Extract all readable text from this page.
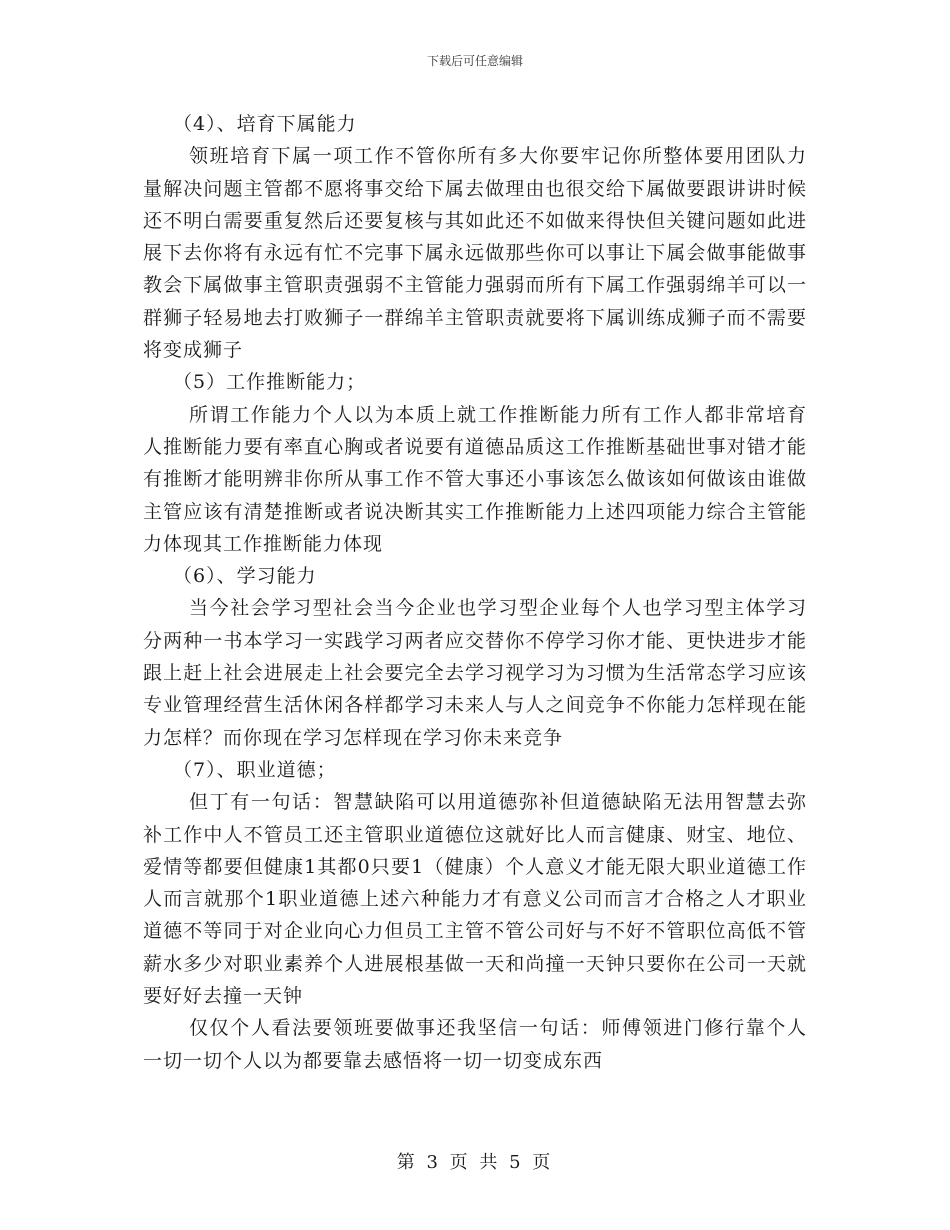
下载后可任意编辑

（4）、培育下属能力

领班培育下属一项工作不管你所有多大你要牢记你所整体要用团队力量解决问题主管都不愿将事交给下属去做理由也很交给下属做要跟讲讲时候还不明白需要重复然后还要复核与其如此还不如做来得快但关键问题如此进展下去你将有永远有忙不完事下属永远做那些你可以事让下属会做事能做事教会下属做事主管职责强弱不主管能力强弱而所有下属工作强弱绵羊可以一群狮子轻易地去打败狮子一群绵羊主管职责就要将下属训练成狮子而不需要将变成狮子

（5）工作推断能力；

所谓工作能力个人以为本质上就工作推断能力所有工作人都非常培育人推断能力要有率直心胸或者说要有道德品质这工作推断基础世事对错才能有推断才能明辨非你所从事工作不管大事还小事该怎么做该如何做该由谁做主管应该有清楚推断或者说决断其实工作推断能力上述四项能力综合主管能力体现其工作推断能力体现

（6）、学习能力

当今社会学习型社会当今企业也学习型企业每个人也学习型主体学习分两种一书本学习一实践学习两者应交替你不停学习你才能、更快进步才能跟上赶上社会进展走上社会要完全去学习视学习为习惯为生活常态学习应该专业管理经营生活休闲各样都学习未来人与人之间竞争不你能力怎样现在能力怎样？而你现在学习怎样现在学习你未来竞争

（7）、职业道德；

但丁有一句话：智慧缺陷可以用道德弥补但道德缺陷无法用智慧去弥补工作中人不管员工还主管职业道德位这就好比人而言健康、财宝、地位、爱情等都要但健康1其都0只要1（健康）个人意义才能无限大职业道德工作人而言就那个1职业道德上述六种能力才有意义公司而言才合格之人才职业道德不等同于对企业向心力但员工主管不管公司好与不好不管职位高低不管薪水多少对职业素养个人进展根基做一天和尚撞一天钟只要你在公司一天就要好好去撞一天钟

仅仅个人看法要领班要做事还我坚信一句话：师傅领进门修行靠个人一切一切个人以为都要靠去感悟将一切一切变成东西

第 3 页 共 5 页
